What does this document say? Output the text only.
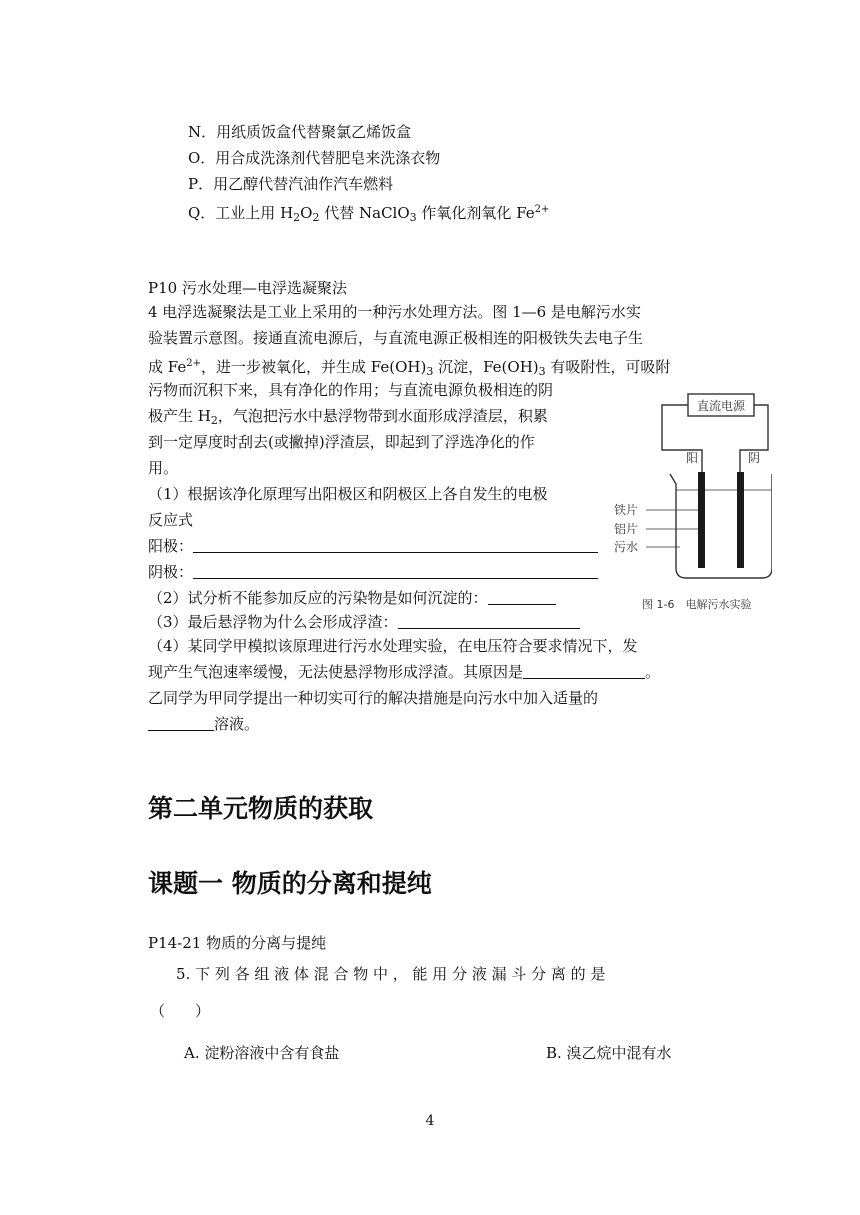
N．用纸质饭盒代替聚氯乙烯饭盒
O．用合成洗涤剂代替肥皂来洗涤衣物
P．用乙醇代替汽油作汽车燃料
Q．工业上用 $H_2O_2$ 代替 NaClO$_3$ 作氧化剂氧化 $Fe^{2+}$
P10 污水处理—电浮选凝聚法
4 电浮选凝聚法是工业上采用的一种污水处理方法。图 1—6 是电解污水实
验装置示意图。接通直流电源后，与直流电源正极相连的阳极铁失去电子生
成 $Fe^{2+}$，进一步被氧化，并生成 $Fe(OH)_3$ 沉淀，$Fe(OH)_3$ 有吸附性，可吸附
污物而沉积下来，具有净化的作用；与直流电源负极相连的阴
极产生 $H_2$，气泡把污水中悬浮物带到水面形成浮渣层，积累
到一定厚度时刮去(或撇掉)浮渣层，即起到了浮选净化的作
用。
（1）根据该净化原理写出阳极区和阴极区上各自发生的电极
反应式
阳极：
阴极：
（2）试分析不能参加反应的污染物是如何沉淀的：
（3）最后悬浮物为什么会形成浮渣：
（4）某同学甲模拟该原理进行污水处理实验，在电压符合要求情况下，发
现产生气泡速率缓慢，无法使悬浮物形成浮渣。其原因是	。
乙同学为甲同学提出一种切实可行的解决措施是向污水中加入适量的
溶液。
直流电源
阳	阴
铁片
铝片
污水
图 1-6　电解污水实验
第二单元物质的获取
课题一 物质的分离和提纯
P14-21 物质的分离与提纯
5. 下 列 各 组 液 体 混 合 物 中 ， 能 用 分 液 漏 斗 分 离 的 是
（　　）
A. 淀粉溶液中含有食盐	B. 溴乙烷中混有水
4
